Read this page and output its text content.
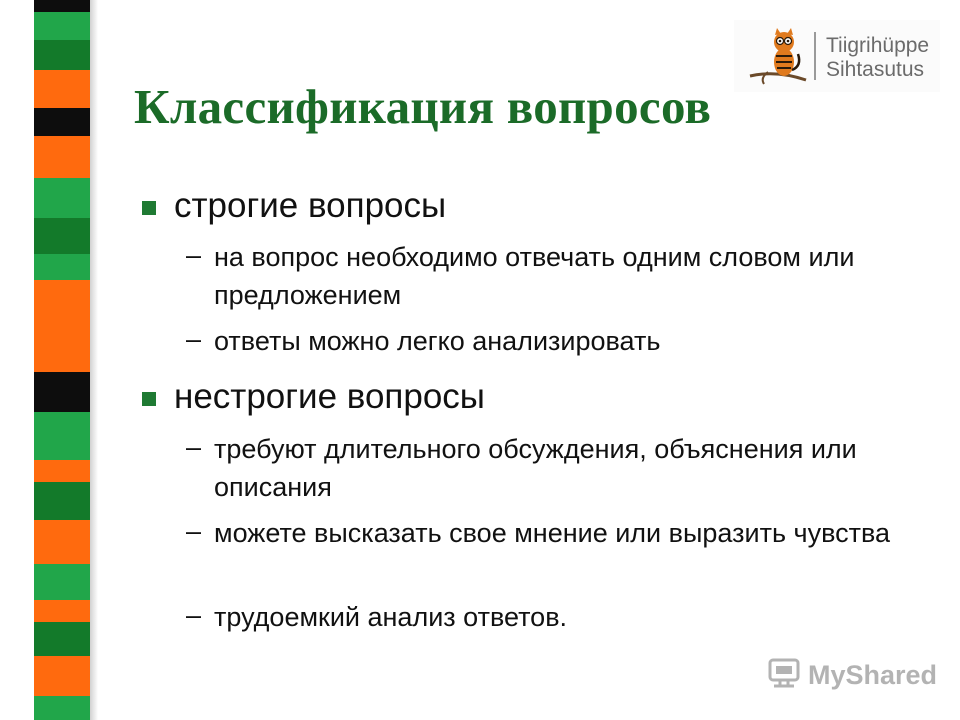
Tiigrihüppe
Sihtasutus
Классификация вопросов
строгие вопросы
– на вопрос необходимо отвечать одним словом или предложением
– ответы можно легко анализировать
нестрогие вопросы
– требуют длительного обсуждения, объяснения или описания
– можете высказать свое мнение или выразить чувства
– трудоемкий анализ ответов.
MyShared
